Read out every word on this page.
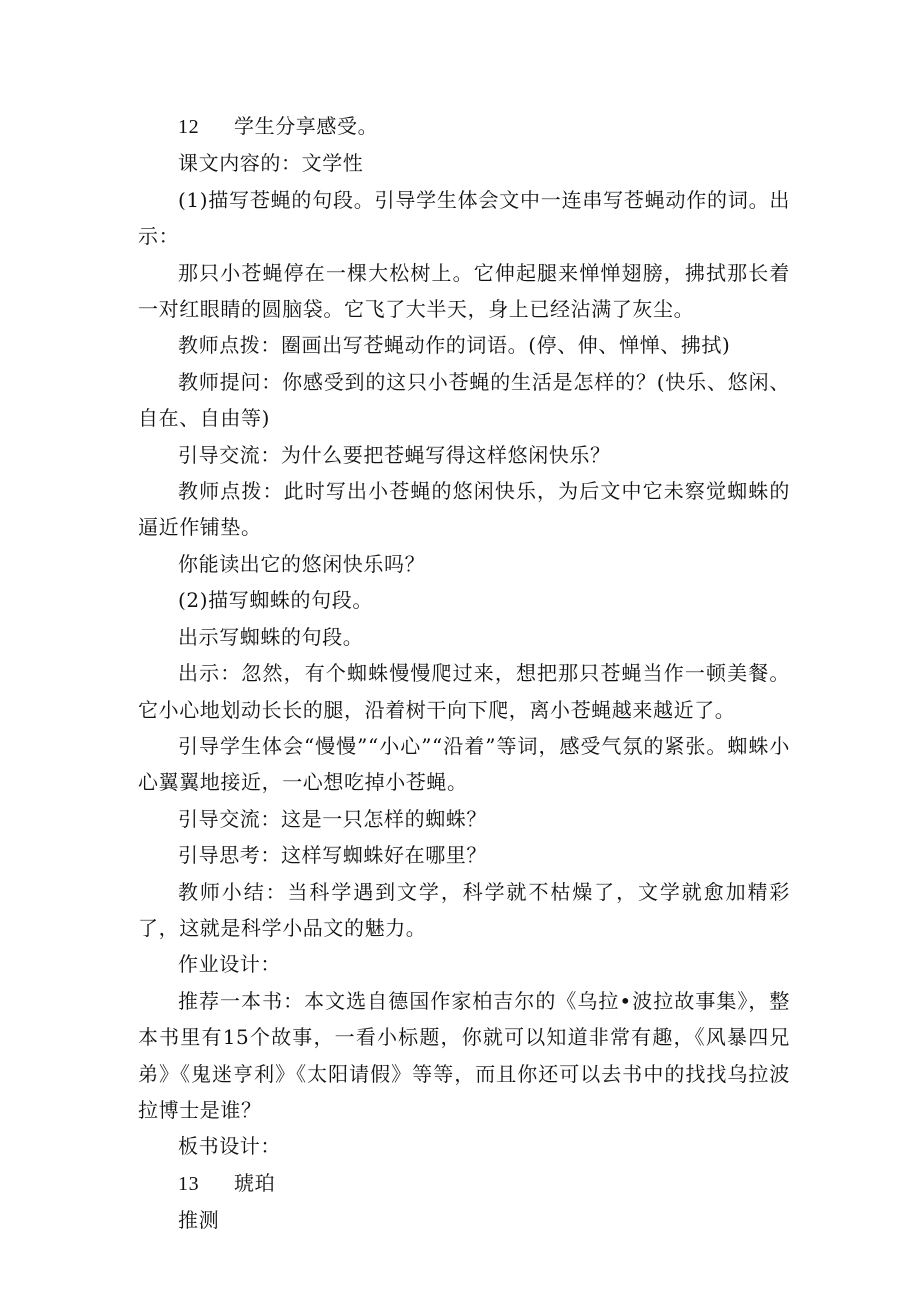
12 学生分享感受。

课文内容的：文学性

(1)描写苍蝇的句段。引导学生体会文中一连串写苍蝇动作的词。出示：

那只小苍蝇停在一棵大松树上。它伸起腿来惮惮翅膀，拂拭那长着一对红眼睛的圆脑袋。它飞了大半天，身上已经沾满了灰尘。

教师点拨：圈画出写苍蝇动作的词语。(停、伸、惮惮、拂拭)

教师提问：你感受到的这只小苍蝇的生活是怎样的？(快乐、悠闲、自在、自由等)

引导交流：为什么要把苍蝇写得这样悠闲快乐？

教师点拨：此时写出小苍蝇的悠闲快乐，为后文中它未察觉蜘蛛的逼近作铺垫。

你能读出它的悠闲快乐吗？

(2)描写蜘蛛的句段。

出示写蜘蛛的句段。

出示：忽然，有个蜘蛛慢慢爬过来，想把那只苍蝇当作一顿美餐。它小心地划动长长的腿，沿着树干向下爬，离小苍蝇越来越近了。

引导学生体会“慢慢”“小心”“沿着”等词，感受气氛的紧张。蜘蛛小心翼翼地接近，一心想吃掉小苍蝇。

引导交流：这是一只怎样的蜘蛛？

引导思考：这样写蜘蛛好在哪里？

教师小结：当科学遇到文学，科学就不枯燥了，文学就愈加精彩了，这就是科学小品文的魅力。

作业设计：

推荐一本书：本文选自德国作家柏吉尔的《乌拉•波拉故事集》，整本书里有15个故事，一看小标题，你就可以知道非常有趣，《风暴四兄弟》《鬼迷亨利》《太阳请假》等等，而且你还可以去书中的找找乌拉波拉博士是谁？

板书设计：

13 琥珀

推测
